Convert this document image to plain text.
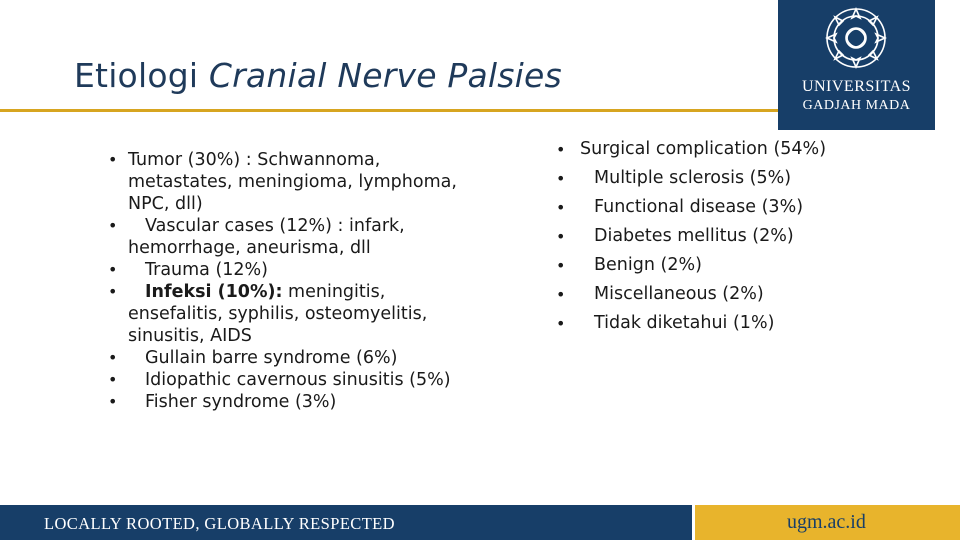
Etiologi Cranial Nerve Palsies	UNIVERSITAS
GADJAH MADA
• Tumor (30%) : Schwannoma, metastates, meningioma, lymphoma, NPC, dll)
•	Vascular cases (12%) : infark, hemorrhage, aneurisma, dll
•	Trauma (12%)
•	Infeksi (10%): meningitis, ensefalitis, syphilis, osteomyelitis, sinusitis, AIDS
•	Gullain barre syndrome (6%)
•	Idiopathic cavernous sinusitis (5%)
•	Fisher syndrome (3%)
• Surgical complication (54%)
• Multiple sclerosis (5%)
• Functional disease (3%)
• Diabetes mellitus (2%)
• Benign (2%)
• Miscellaneous (2%)
• Tidak diketahui (1%)
LOCALLY ROOTED, GLOBALLY RESPECTED	ugm.ac.id
